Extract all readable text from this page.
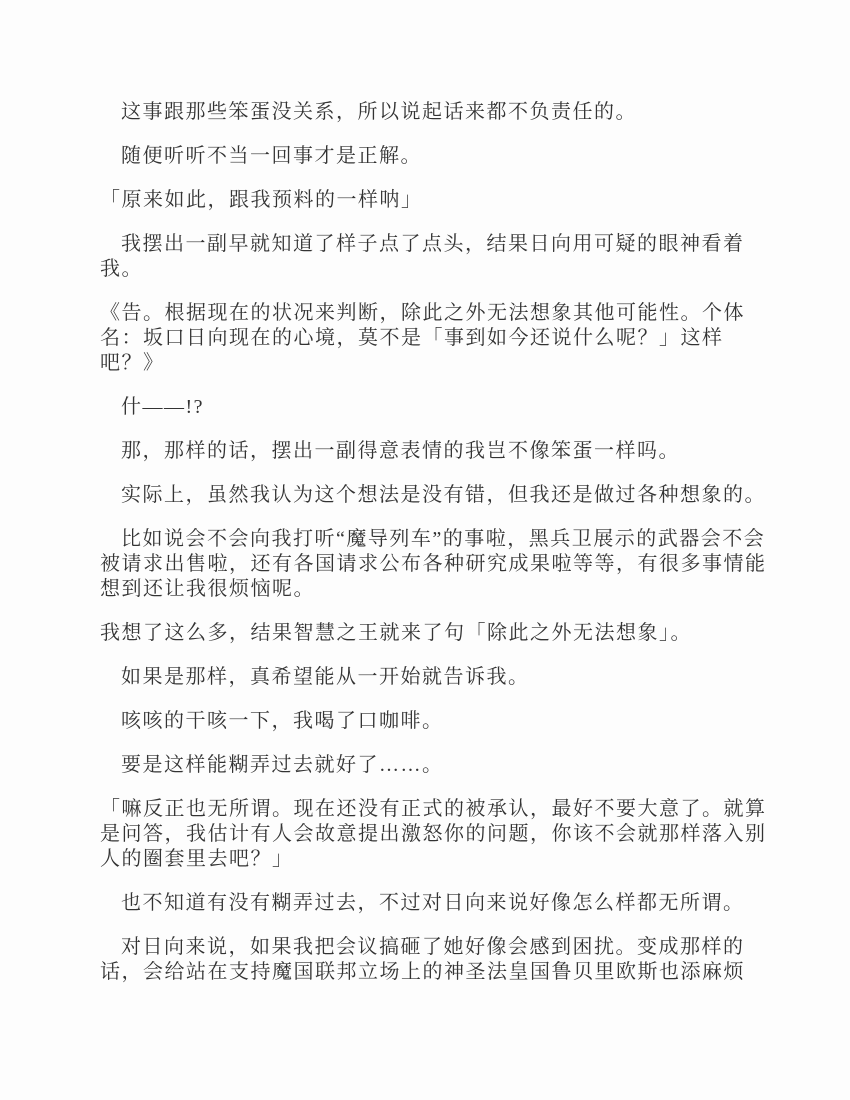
这事跟那些笨蛋没关系，所以说起话来都不负责任的。

随便听听不当一回事才是正解。

「原来如此，跟我预料的一样呐」

我摆出一副早就知道了样子点了点头，结果日向用可疑的眼神看着
我。

《告。根据现在的状况来判断，除此之外无法想象其他可能性。个体
名：坂口日向现在的心境，莫不是「事到如今还说什么呢？」这样
吧？》

什——!?

那，那样的话，摆出一副得意表情的我岂不像笨蛋一样吗。

实际上，虽然我认为这个想法是没有错，但我还是做过各种想象的。

比如说会不会向我打听“魔导列车”的事啦，黑兵卫展示的武器会不会
被请求出售啦，还有各国请求公布各种研究成果啦等等，有很多事情能
想到还让我很烦恼呢。

我想了这么多，结果智慧之王就来了句「除此之外无法想象」。

如果是那样，真希望能从一开始就告诉我。

咳咳的干咳一下，我喝了口咖啡。

要是这样能糊弄过去就好了……。

「嘛反正也无所谓。现在还没有正式的被承认，最好不要大意了。就算
是问答，我估计有人会故意提出激怒你的问题，你该不会就那样落入别
人的圈套里去吧？」

也不知道有没有糊弄过去，不过对日向来说好像怎么样都无所谓。

对日向来说，如果我把会议搞砸了她好像会感到困扰。变成那样的
话，会给站在支持魔国联邦立场上的神圣法皇国鲁贝里欧斯也添麻烦
